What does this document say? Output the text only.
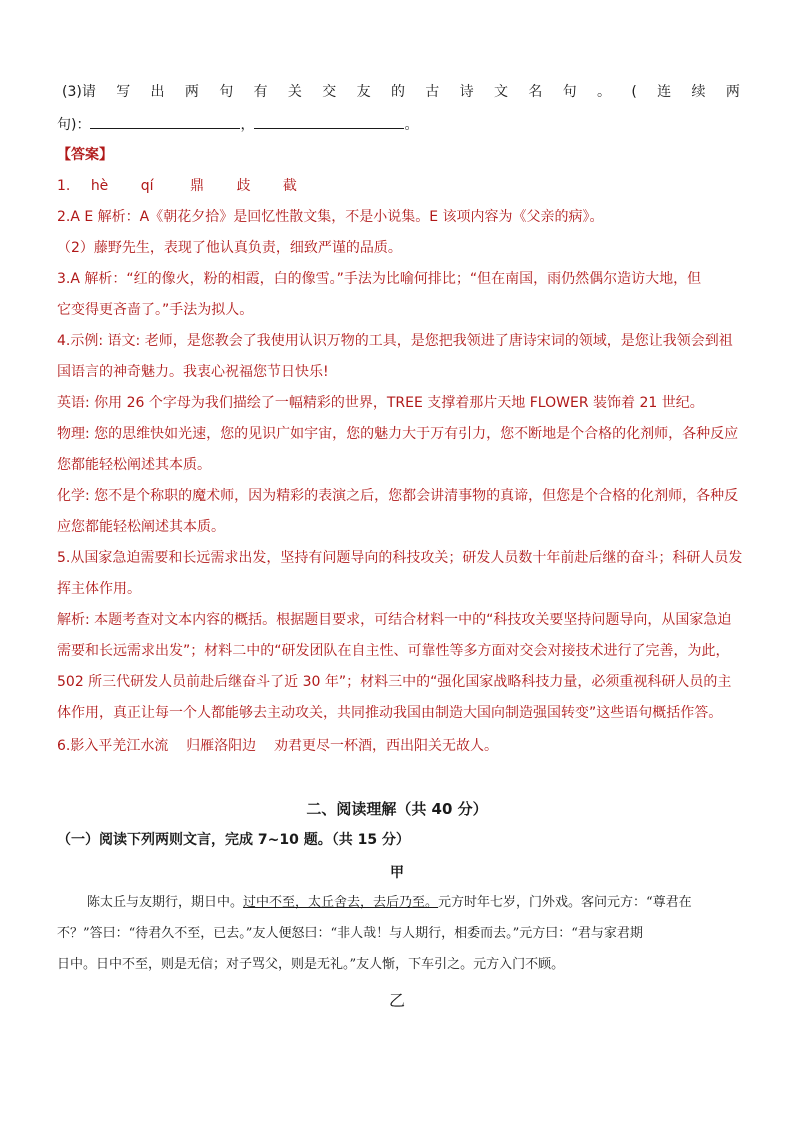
(3)请 写 出 两 句 有 关 交 友 的 古 诗 文 名 句 。 ( 连 续 两
句)：	，	。
【答案】
1. hè qí	鼎 歧 截
2.A E 解析：A《朝花夕拾》是回忆性散文集，不是小说集。E 该项内容为《父亲的病》。
（2）藤野先生，表现了他认真负责，细致严谨的品质。
3.A 解析：“红的像火，粉的相霞，白的像雪。”手法为比喻何排比；“但在南国，雨仍然偶尔造访大地，但
它变得更吝啬了。”手法为拟人。
4.示例: 语文: 老师，是您教会了我使用认识万物的工具，是您把我领进了唐诗宋词的领域，是您让我领会到祖
国语言的神奇魅力。我衷心祝福您节日快乐!
英语: 你用 26 个字母为我们描绘了一幅精彩的世界，TREE 支撑着那片天地 FLOWER 装饰着 21 世纪。
物理: 您的思维快如光速，您的见识广如宇宙，您的魅力大于万有引力，您不断地是个合格的化剂师，各种反应
您都能轻松阐述其本质。
化学: 您不是个称职的魔术师，因为精彩的表演之后，您都会讲清事物的真谛，但您是个合格的化剂师，各种反
应您都能轻松阐述其本质。
5.从国家急迫需要和长远需求出发，坚持有问题导向的科技攻关；研发人员数十年前赴后继的奋斗；科研人员发
挥主体作用。
解析: 本题考查对文本内容的概括。根据题目要求，可结合材料一中的“科技攻关要坚持问题导向，从国家急迫
需要和长远需求出发”；材料二中的“研发团队在自主性、可靠性等多方面对交会对接技术进行了完善，为此，
502 所三代研发人员前赴后继奋斗了近 30 年”；材料三中的“强化国家战略科技力量，必须重视科研人员的主
体作用，真正让每一个人都能够去主动攻关，共同推动我国由制造大国向制造强国转变”这些语句概括作答。
6.影入平羌江水流    归雁洛阳边    劝君更尽一杯酒，西出阳关无故人。
二、阅读理解（共 40 分）
（一）阅读下列两则文言，完成 7~10 题。（共 15 分）
甲
陈太丘与友期行，期日中。过中不至，太丘舍去，去后乃至。元方时年七岁，门外戏。客问元方：“尊君在
不？”答曰：“待君久不至，已去。”友人便怒曰：“非人哉！与人期行，相委而去。”元方曰：“君与家君期
日中。日中不至，则是无信；对子骂父，则是无礼。”友人惭，下车引之。元方入门不顾。
乙
